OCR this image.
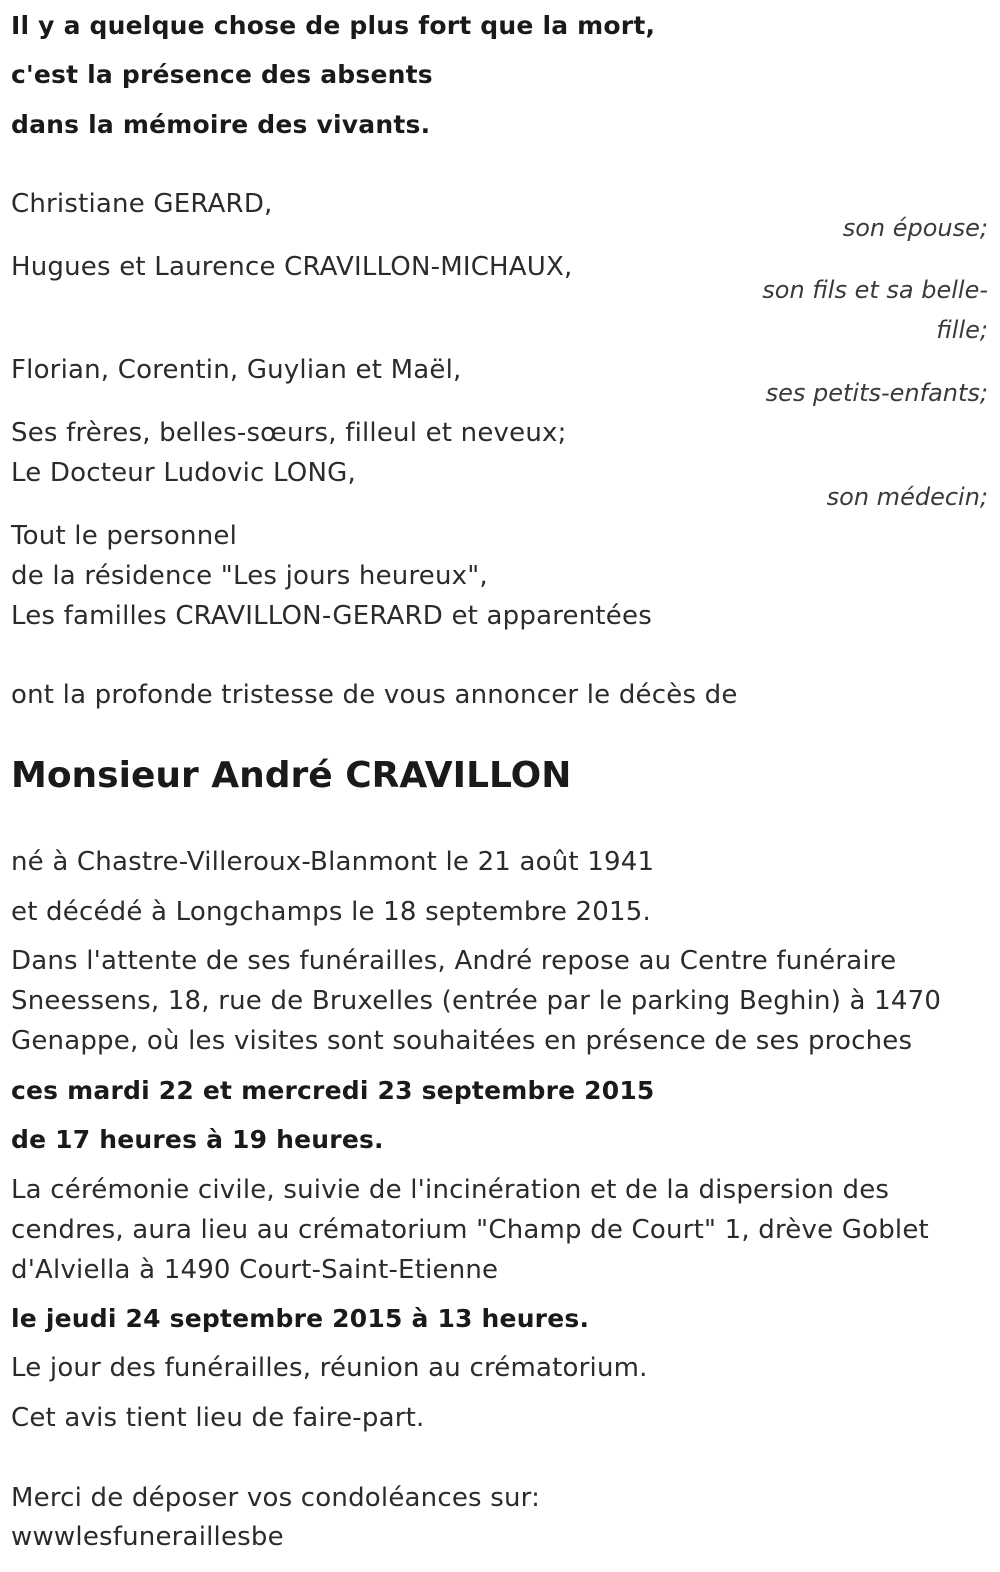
Il y a quelque chose de plus fort que la mort,

c'est la présence des absents

dans la mémoire des vivants.

Christiane GERARD,

son épouse;

Hugues et Laurence CRAVILLON-MICHAUX,

son fils et sa belle-fille;

Florian, Corentin, Guylian et Maël,

ses petits-enfants;

Ses frères, belles-sœurs, filleul et neveux;

Le Docteur Ludovic LONG,

son médecin;

Tout le personnel

de la résidence "Les jours heureux",

Les familles CRAVILLON-GERARD et apparentées

ont la profonde tristesse de vous annoncer le décès de

Monsieur André CRAVILLON

né à Chastre-Villeroux-Blanmont le 21 août 1941

et décédé à Longchamps le 18 septembre 2015.

Dans l'attente de ses funérailles, André repose au Centre funéraire Sneessens, 18, rue de Bruxelles (entrée par le parking Beghin) à 1470 Genappe, où les visites sont souhaitées en présence de ses proches

ces mardi 22 et mercredi 23 septembre 2015

de 17 heures à 19 heures.

La cérémonie civile, suivie de l'incinération et de la dispersion des cendres, aura lieu au crématorium "Champ de Court" 1, drève Goblet d'Alviella à 1490 Court-Saint-Etienne

le jeudi 24 septembre 2015 à 13 heures.

Le jour des funérailles, réunion au crématorium.

Cet avis tient lieu de faire-part.

Merci de déposer vos condoléances sur:

wwwlesfuneraillesbe
